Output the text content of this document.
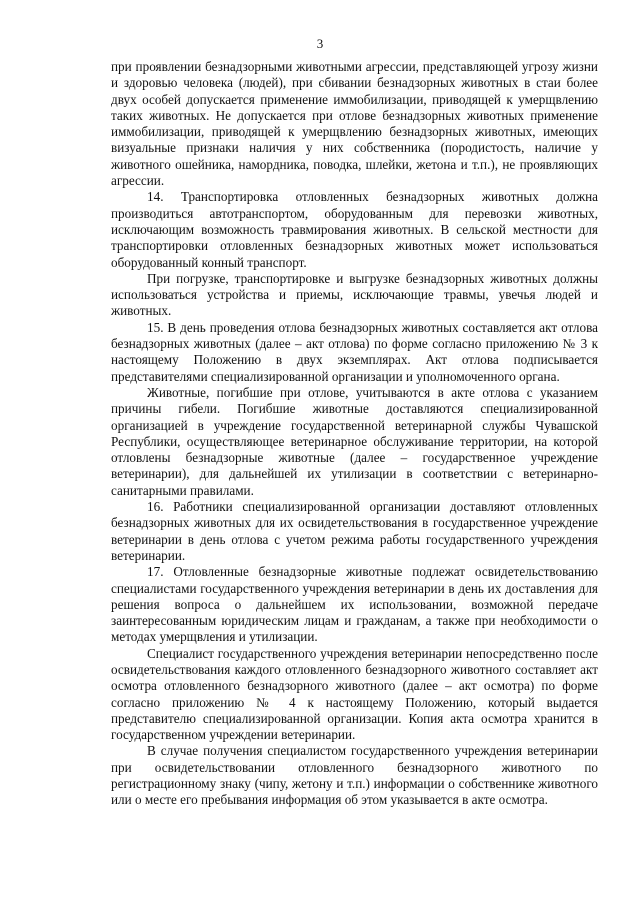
3

при проявлении безнадзорными животными агрессии, представляющей угрозу жизни и здоровью человека (людей), при сбивании безнадзорных животных в стаи более двух особей допускается применение иммобилизации, приводящей к умерщвлению таких животных. Не допускается при отлове безнадзорных животных применение иммобилизации, приводящей к умерщвлению безнадзорных животных, имеющих визуальные признаки наличия у них собственника (породистость, наличие у животного ошейника, намордника, поводка, шлейки, жетона и т.п.), не проявляющих агрессии.

14. Транспортировка отловленных безнадзорных животных должна производиться автотранспортом, оборудованным для перевозки животных, исключающим возможность травмирования животных. В сельской местности для транспортировки отловленных безнадзорных животных может использоваться оборудованный конный транспорт.

При погрузке, транспортировке и выгрузке безнадзорных животных должны использоваться устройства и приемы, исключающие травмы, увечья людей и животных.

15. В день проведения отлова безнадзорных животных составляется акт отлова безнадзорных животных (далее – акт отлова) по форме согласно приложению № 3 к настоящему Положению в двух экземплярах. Акт отлова подписывается представителями специализированной организации и уполномоченного органа.

Животные, погибшие при отлове, учитываются в акте отлова с указанием причины гибели. Погибшие животные доставляются специализированной организацией в учреждение государственной ветеринарной службы Чувашской Республики, осуществляющее ветеринарное обслуживание территории, на которой отловлены безнадзорные животные (далее – государственное учреждение ветеринарии), для дальнейшей их утилизации в соответствии с ветеринарно-санитарными правилами.

16. Работники специализированной организации доставляют отловленных безнадзорных животных для их освидетельствования в государственное учреждение ветеринарии в день отлова с учетом режима работы государственного учреждения ветеринарии.

17. Отловленные безнадзорные животные подлежат освидетельствованию специалистами государственного учреждения ветеринарии в день их доставления для решения вопроса о дальнейшем их использовании, возможной передаче заинтересованным юридическим лицам и гражданам, а также при необходимости о методах умерщвления и утилизации.

Специалист государственного учреждения ветеринарии непосредственно после освидетельствования каждого отловленного безнадзорного животного составляет акт осмотра отловленного безнадзорного животного (далее – акт осмотра) по форме согласно приложению № 4 к настоящему Положению, который выдается представителю специализированной организации. Копия акта осмотра хранится в государственном учреждении ветеринарии.

В случае получения специалистом государственного учреждения ветеринарии при освидетельствовании отловленного безнадзорного животного по регистрационному знаку (чипу, жетону и т.п.) информации о собственнике животного или о месте его пребывания информация об этом указывается в акте осмотра.
